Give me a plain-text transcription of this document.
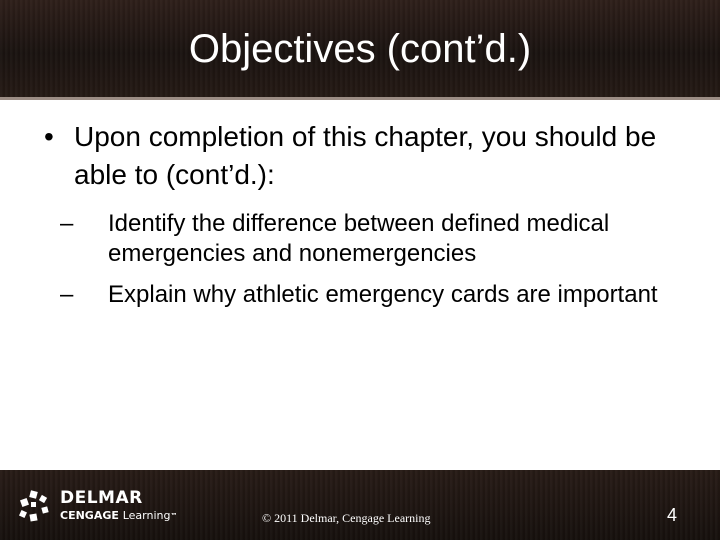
Objectives (cont’d.)
• Upon completion of this chapter, you should be able to (cont’d.):
– Identify the difference between defined medical emergencies and nonemergencies
– Explain why athletic emergency cards are important
DELMAR
CENGAGE Learning™	© 2011 Delmar, Cengage Learning	4
